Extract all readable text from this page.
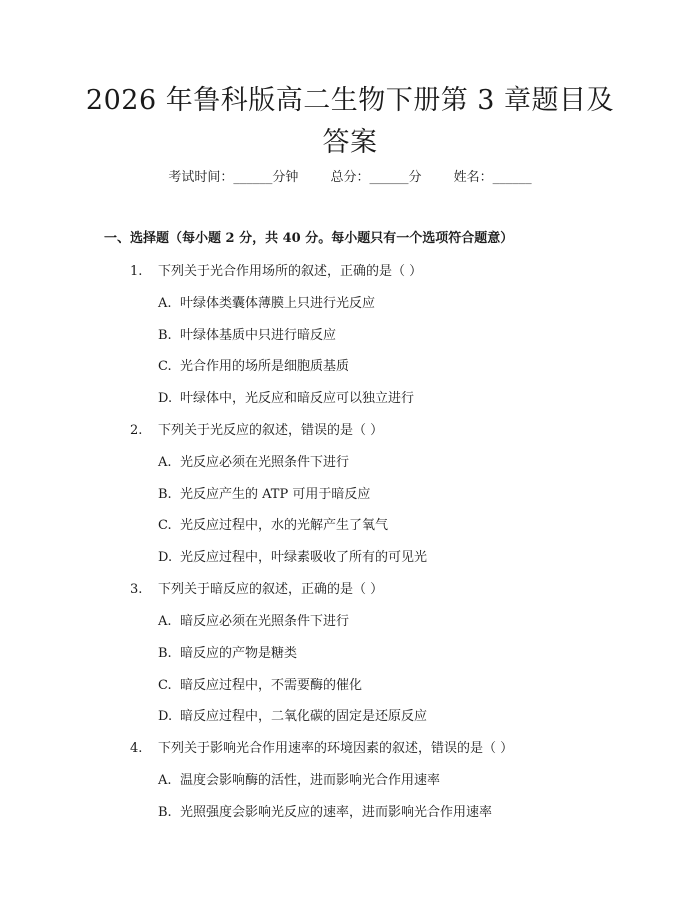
2026 年鲁科版高二生物下册第 3 章题目及答案
考试时间：______分钟 总分：______分 姓名：______
一、选择题（每小题 2 分，共 40 分。每小题只有一个选项符合题意）
1. 下列关于光合作用场所的叙述，正确的是（ ）
A. 叶绿体类囊体薄膜上只进行光反应
B. 叶绿体基质中只进行暗反应
C. 光合作用的场所是细胞质基质
D. 叶绿体中，光反应和暗反应可以独立进行
2. 下列关于光反应的叙述，错误的是（ ）
A. 光反应必须在光照条件下进行
B. 光反应产生的 ATP 可用于暗反应
C. 光反应过程中，水的光解产生了氧气
D. 光反应过程中，叶绿素吸收了所有的可见光
3. 下列关于暗反应的叙述，正确的是（ ）
A. 暗反应必须在光照条件下进行
B. 暗反应的产物是糖类
C. 暗反应过程中，不需要酶的催化
D. 暗反应过程中，二氧化碳的固定是还原反应
4. 下列关于影响光合作用速率的环境因素的叙述，错误的是（ ）
A. 温度会影响酶的活性，进而影响光合作用速率
B. 光照强度会影响光反应的速率，进而影响光合作用速率
